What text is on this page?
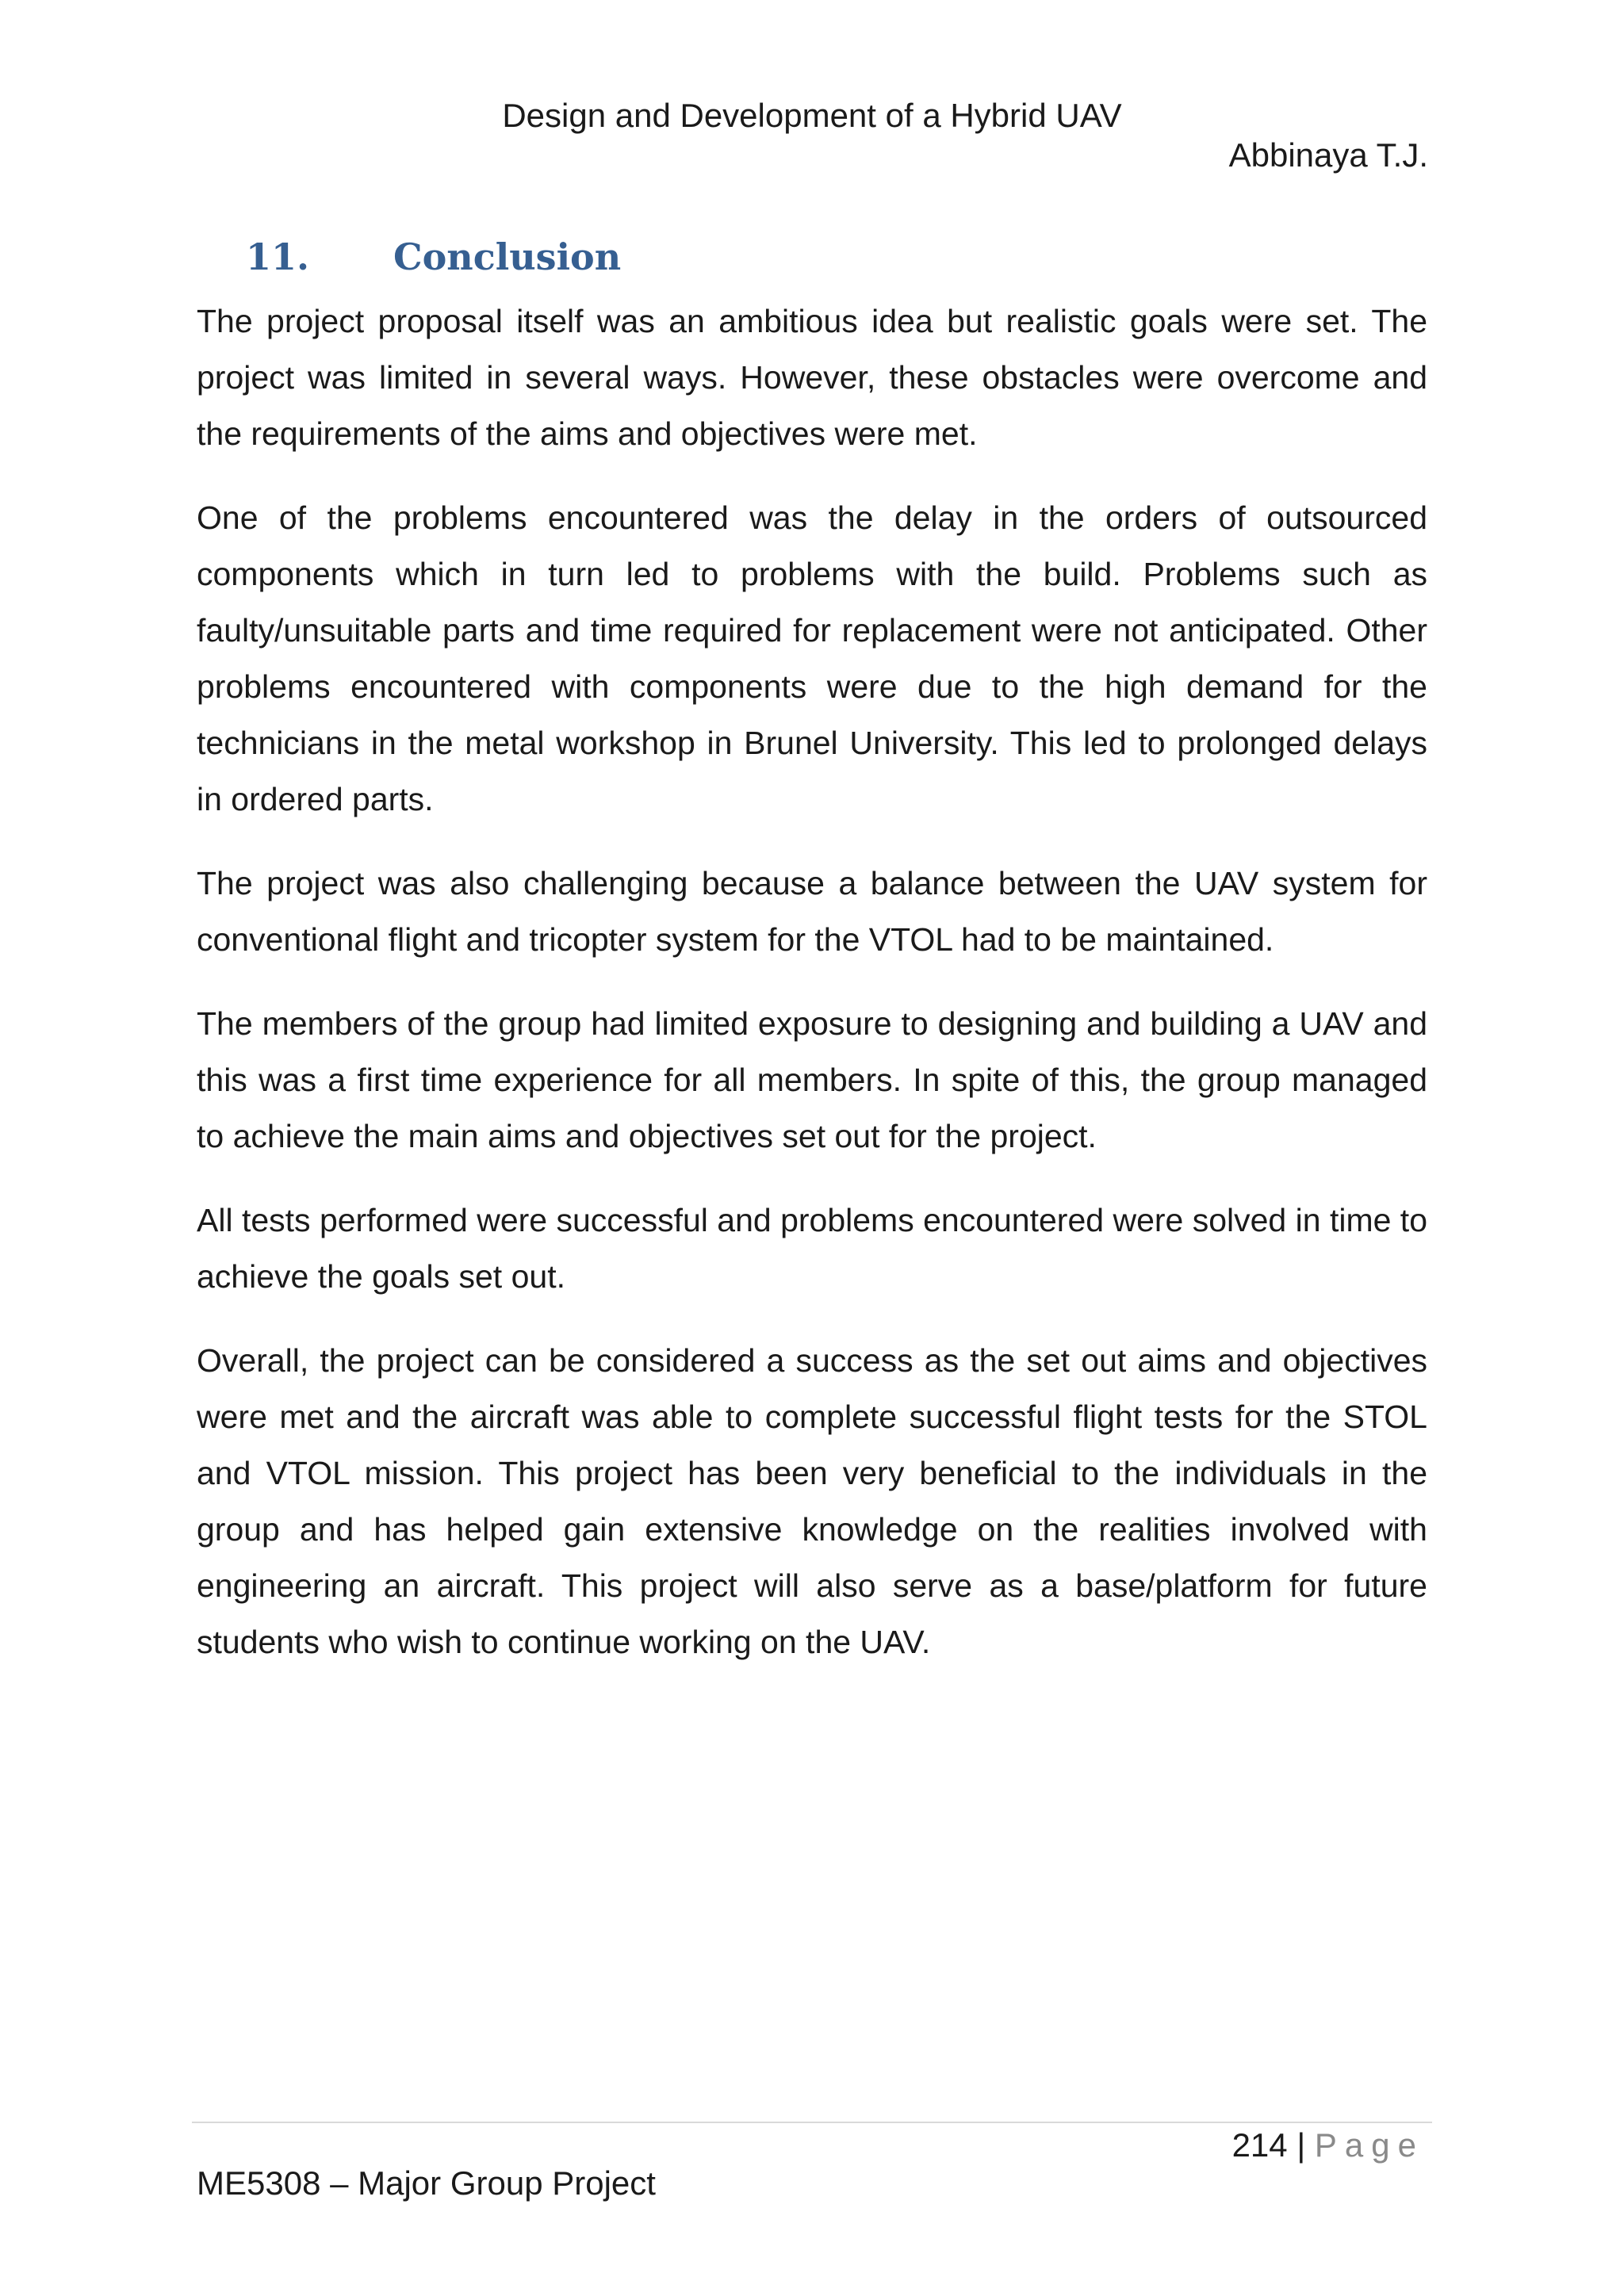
Design and Development of a Hybrid UAV
Abbinaya T.J.
11. Conclusion

The project proposal itself was an ambitious idea but realistic goals were set. The project was limited in several ways. However, these obstacles were overcome and the requirements of the aims and objectives were met.

One of the problems encountered was the delay in the orders of outsourced components which in turn led to problems with the build. Problems such as faulty/unsuitable parts and time required for replacement were not anticipated. Other problems encountered with components were due to the high demand for the technicians in the metal workshop in Brunel University. This led to prolonged delays in ordered parts.

The project was also challenging because a balance between the UAV system for conventional flight and tricopter system for the VTOL had to be maintained.

The members of the group had limited exposure to designing and building a UAV and this was a first time experience for all members. In spite of this, the group managed to achieve the main aims and objectives set out for the project.

All tests performed were successful and problems encountered were solved in time to achieve the goals set out.

Overall, the project can be considered a success as the set out aims and objectives were met and the aircraft was able to complete successful flight tests for the STOL and VTOL mission. This project has been very beneficial to the individuals in the group and has helped gain extensive knowledge on the realities involved with engineering an aircraft. This project will also serve as a base/platform for future students who wish to continue working on the UAV.

214 | Page
ME5308 – Major Group Project
